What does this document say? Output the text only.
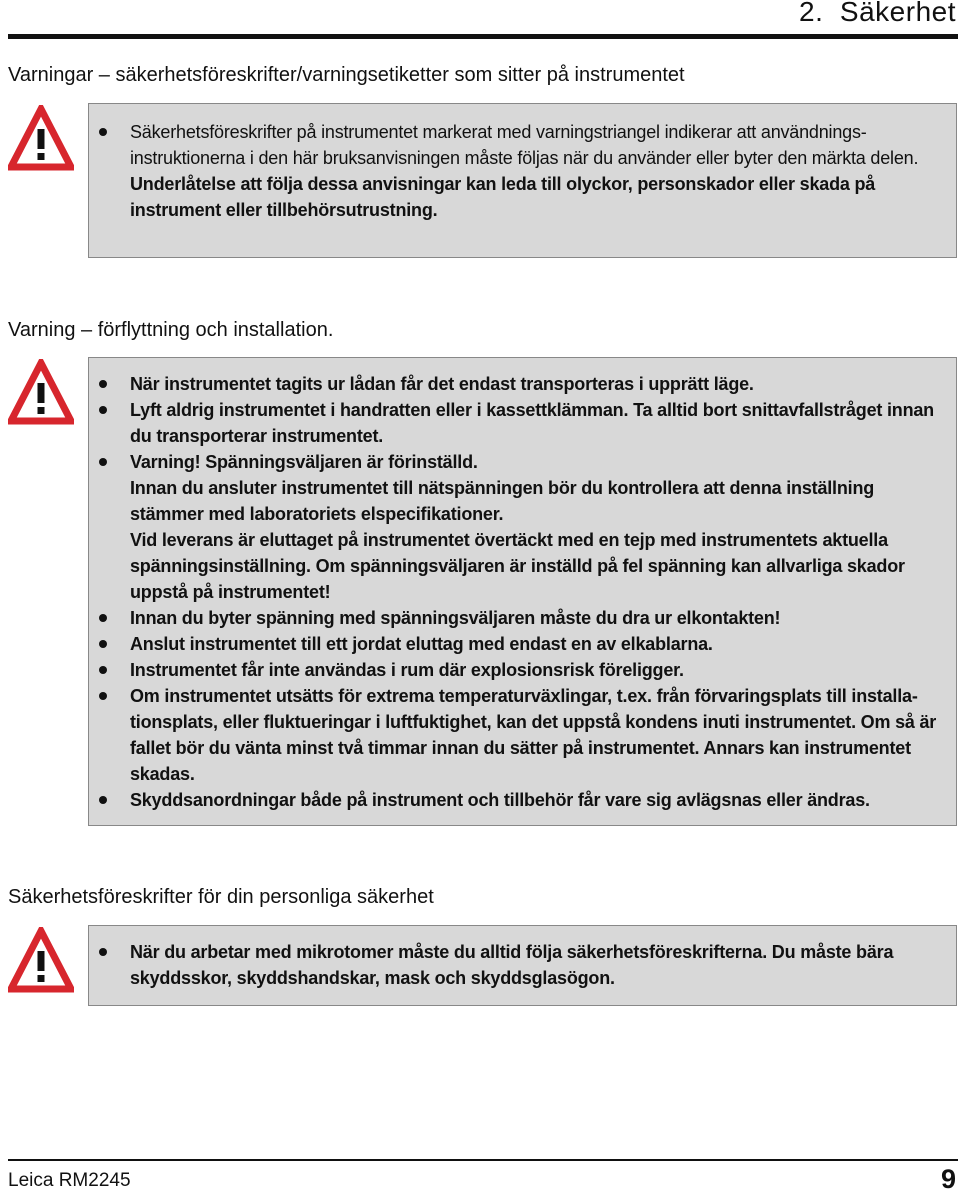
2.  Säkerhet
Varningar – säkerhetsföreskrifter/varningsetiketter som sitter på instrumentet
Säkerhetsföreskrifter på instrumentet markerat med varningstriangel indikerar att användnings-instruktionerna i den här bruksanvisningen måste följas när du använder eller byter den märkta delen.
Underlåtelse att följa dessa anvisningar kan leda till olyckor, personskador eller skada på instrument eller tillbehörsutrustning.
Varning – förflyttning och installation.
När instrumentet tagits ur lådan får det endast transporteras i upprätt läge.
Lyft aldrig instrumentet i handratten eller i kassettklämman. Ta alltid bort snittavfallstråget innan du transporterar instrumentet.
Varning! Spänningsväljaren är förinställd.
Innan du ansluter instrumentet till nätspänningen bör du kontrollera att denna inställning stämmer med laboratoriets elspecifikationer.
Vid leverans är eluttaget på instrumentet övertäckt med en tejp med instrumentets aktuella spänningsinställning. Om spänningsväljaren är inställd på fel spänning kan allvarliga skador uppstå på instrumentet!
Innan du byter spänning med spänningsväljaren måste du dra ur elkontakten!
Anslut instrumentet till ett jordat eluttag med endast en av elkablarna.
Instrumentet får inte användas i rum där explosionsrisk föreligger.
Om instrumentet utsätts för extrema temperaturväxlingar, t.ex. från förvaringsplats till installa-tionsplats, eller fluktueringar i luftfuktighet, kan det uppstå kondens inuti instrumentet. Om så är fallet bör du vänta minst två timmar innan du sätter på instrumentet. Annars kan instrumentet skadas.
Skyddsanordningar både på instrument och tillbehör får vare sig avlägsnas eller ändras.
Säkerhetsföreskrifter för din personliga säkerhet
När du arbetar med mikrotomer måste du alltid följa säkerhetsföreskrifterna. Du måste bära skyddsskor, skyddshandskar, mask och skyddsglasögon.
Leica RM2245	9
